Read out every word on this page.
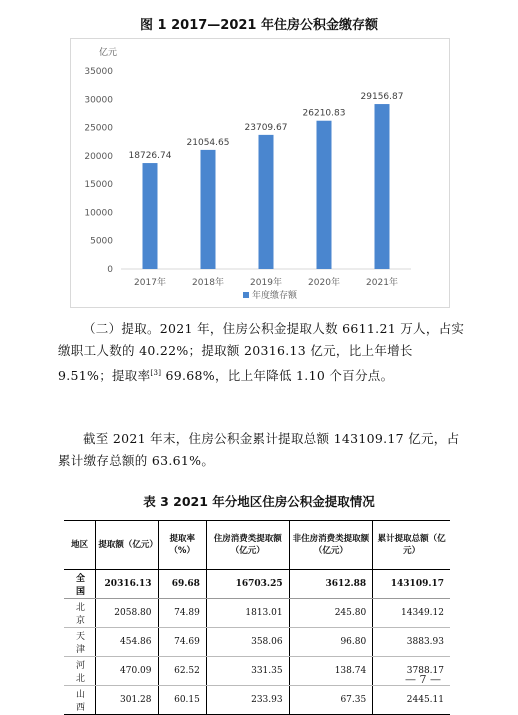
图 1 2017—2021 年住房公积金缴存额
亿元
0
5000
10000
15000
20000
25000
30000
35000
18726.74
2017年
21054.65
2018年
23709.67
2019年
26210.83
2020年
29156.87
2021年
年度缴存额

（二）提取。2021 年，住房公积金提取人数 6611.21 万人，占实缴职工人数的 40.22%；提取额 20316.13 亿元，比上年增长 9.51%；提取率[3] 69.68%，比上年降低 1.10 个百分点。

截至 2021 年末，住房公积金累计提取总额 143109.17 亿元，占累计缴存总额的 63.61%。

表 3 2021 年分地区住房公积金提取情况
地区	提取额（亿元）	提取率（%）	住房消费类提取额（亿元）	非住房消费类提取额（亿元）	累计提取总额（亿元）
全国	20316.13	69.68	16703.25	3612.88	143109.17
北京	2058.80	74.89	1813.01	245.80	14349.12
天津	454.86	74.69	358.06	96.80	3883.93
河北	470.09	62.52	331.35	138.74	3788.17
山西	301.28	60.15	233.93	67.35	2445.11
— 7 —
